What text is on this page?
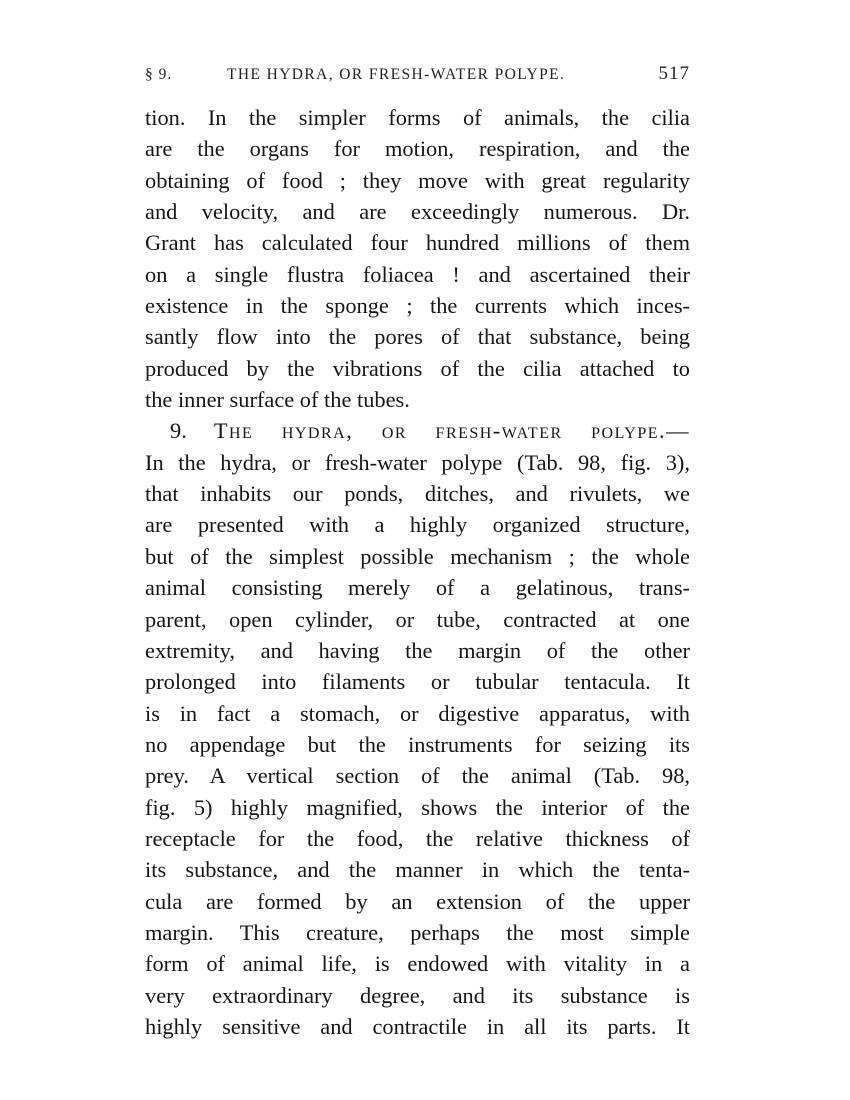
§ 9.	THE HYDRA, OR FRESH-WATER POLYPE.	517
tion. In the simpler forms of animals, the cilia
are the organs for motion, respiration, and the
obtaining of food ; they move with great regularity
and velocity, and are exceedingly numerous. Dr.
Grant has calculated four hundred millions of them
on a single flustra foliacea ! and ascertained their
existence in the sponge ; the currents which inces-
santly flow into the pores of that substance, being
produced by the vibrations of the cilia attached to
the inner surface of the tubes.
9. The hydra, or fresh-water polype.—
In the hydra, or fresh-water polype (Tab. 98, fig. 3),
that inhabits our ponds, ditches, and rivulets, we
are presented with a highly organized structure,
but of the simplest possible mechanism ; the whole
animal consisting merely of a gelatinous, trans-
parent, open cylinder, or tube, contracted at one
extremity, and having the margin of the other
prolonged into filaments or tubular tentacula. It
is in fact a stomach, or digestive apparatus, with
no appendage but the instruments for seizing its
prey. A vertical section of the animal (Tab. 98,
fig. 5) highly magnified, shows the interior of the
receptacle for the food, the relative thickness of
its substance, and the manner in which the tenta-
cula are formed by an extension of the upper
margin. This creature, perhaps the most simple
form of animal life, is endowed with vitality in a
very extraordinary degree, and its substance is
highly sensitive and contractile in all its parts. It
